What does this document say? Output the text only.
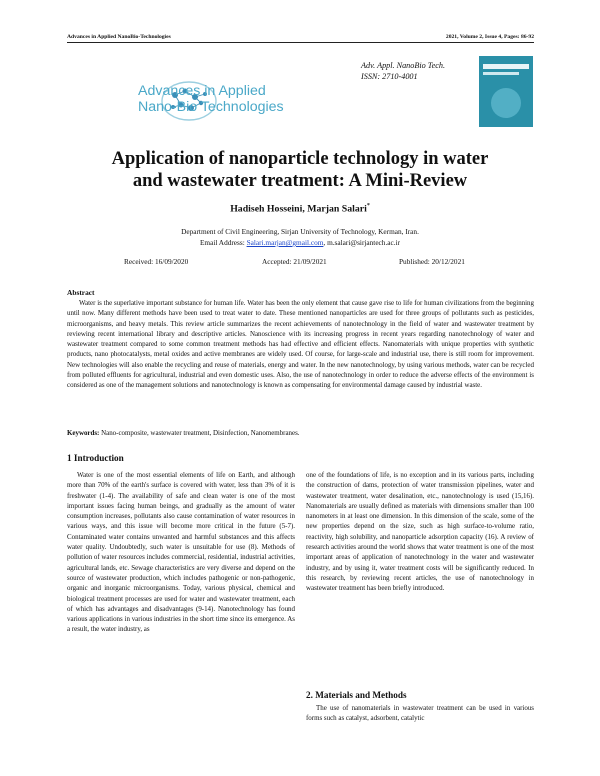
Advances in Applied NanoBio-Technologies	2021, Volume 2, Issue 4, Pages: 86-92
Adv. Appl. NanoBio Tech.
ISSN: 2710-4001
Advances in Applied
Nano-Bio Technologies
Application of nanoparticle technology in water
and wastewater treatment: A Mini-Review
Hadiseh Hosseini, Marjan Salari*
Department of Civil Engineering, Sirjan University of Technology, Kerman, Iran.
Email Address: Salari.marjan@gmail.com, m.salari@sirjantech.ac.ir
Received: 16/09/2020	Accepted: 21/09/2021	Published: 20/12/2021
Abstract

Water is the superlative important substance for human life. Water has been the only element that cause gave rise to life for human civilizations from the beginning until now. Many different methods have been used to treat water to date. These mentioned nanoparticles are used for three groups of pollutants such as pesticides, microorganisms, and heavy metals. This review article summarizes the recent achievements of nanotechnology in the field of water and wastewater treatment by reviewing recent international library and descriptive articles. Nanoscience with its increasing progress in recent years regarding nanotechnology of water and wastewater treatment compared to some common treatment methods has had effective and efficient effects. Nanomaterials with unique properties with synthetic products, nano photocatalysts, metal oxides and active membranes are widely used. Of course, for large-scale and industrial use, there is still room for improvement. New technologies will also enable the recycling and reuse of materials, energy and water. In the new nanotechnology, by using various methods, water can be recycled from polluted effluents for agricultural, industrial and even domestic uses. Also, the use of nanotechnology in order to reduce the adverse effects of the environment is considered as one of the management solutions and nanotechnology is known as compensating for environmental damage caused by industrial waste.

Keywords: Nano-composite, wastewater treatment, Disinfection, Nanomembranes.
1 Introduction

Water is one of the most essential elements of life on Earth, and although more than 70% of the earth's surface is covered with water, less than 3% of it is freshwater (1-4). The availability of safe and clean water is one of the most important issues facing human beings, and gradually as the amount of water consumption increases, pollutants also cause contamination of water resources in various ways, and this issue will become more critical in the future (5-7). Contaminated water contains unwanted and harmful substances and this affects water quality. Undoubtedly, such water is unsuitable for use (8). Methods of pollution of water resources includes commercial, residential, industrial activities, agricultural lands, etc. Sewage characteristics are very diverse and depend on the source of wastewater production, which includes pathogenic or non-pathogenic, organic and inorganic microorganisms. Today, various physical, chemical and biological treatment processes are used for water and wastewater treatment, each of which has advantages and disadvantages (9-14). Nanotechnology has found various applications in various industries in the short time since its emergence. As a result, the water industry, as

one of the foundations of life, is no exception and in its various parts, including the construction of dams, protection of water transmission pipelines, water and wastewater treatment, water desalination, etc., nanotechnology is used (15,16). Nanomaterials are usually defined as materials with dimensions smaller than 100 nanometers in at least one dimension. In this dimension of the scale, some of the new properties depend on the size, such as high surface-to-volume ratio, reactivity, high solubility, and nanoparticle adsorption capacity (16). A review of research activities around the world shows that water treatment is one of the most important areas of application of nanotechnology in the water and wastewater industry, and by using it, water treatment costs will be significantly reduced. In this research, by reviewing recent articles, the use of nanotechnology in wastewater treatment has been briefly introduced.

2. Materials and Methods

The use of nanomaterials in wastewater treatment can be used in various forms such as catalyst, adsorbent, catalytic
